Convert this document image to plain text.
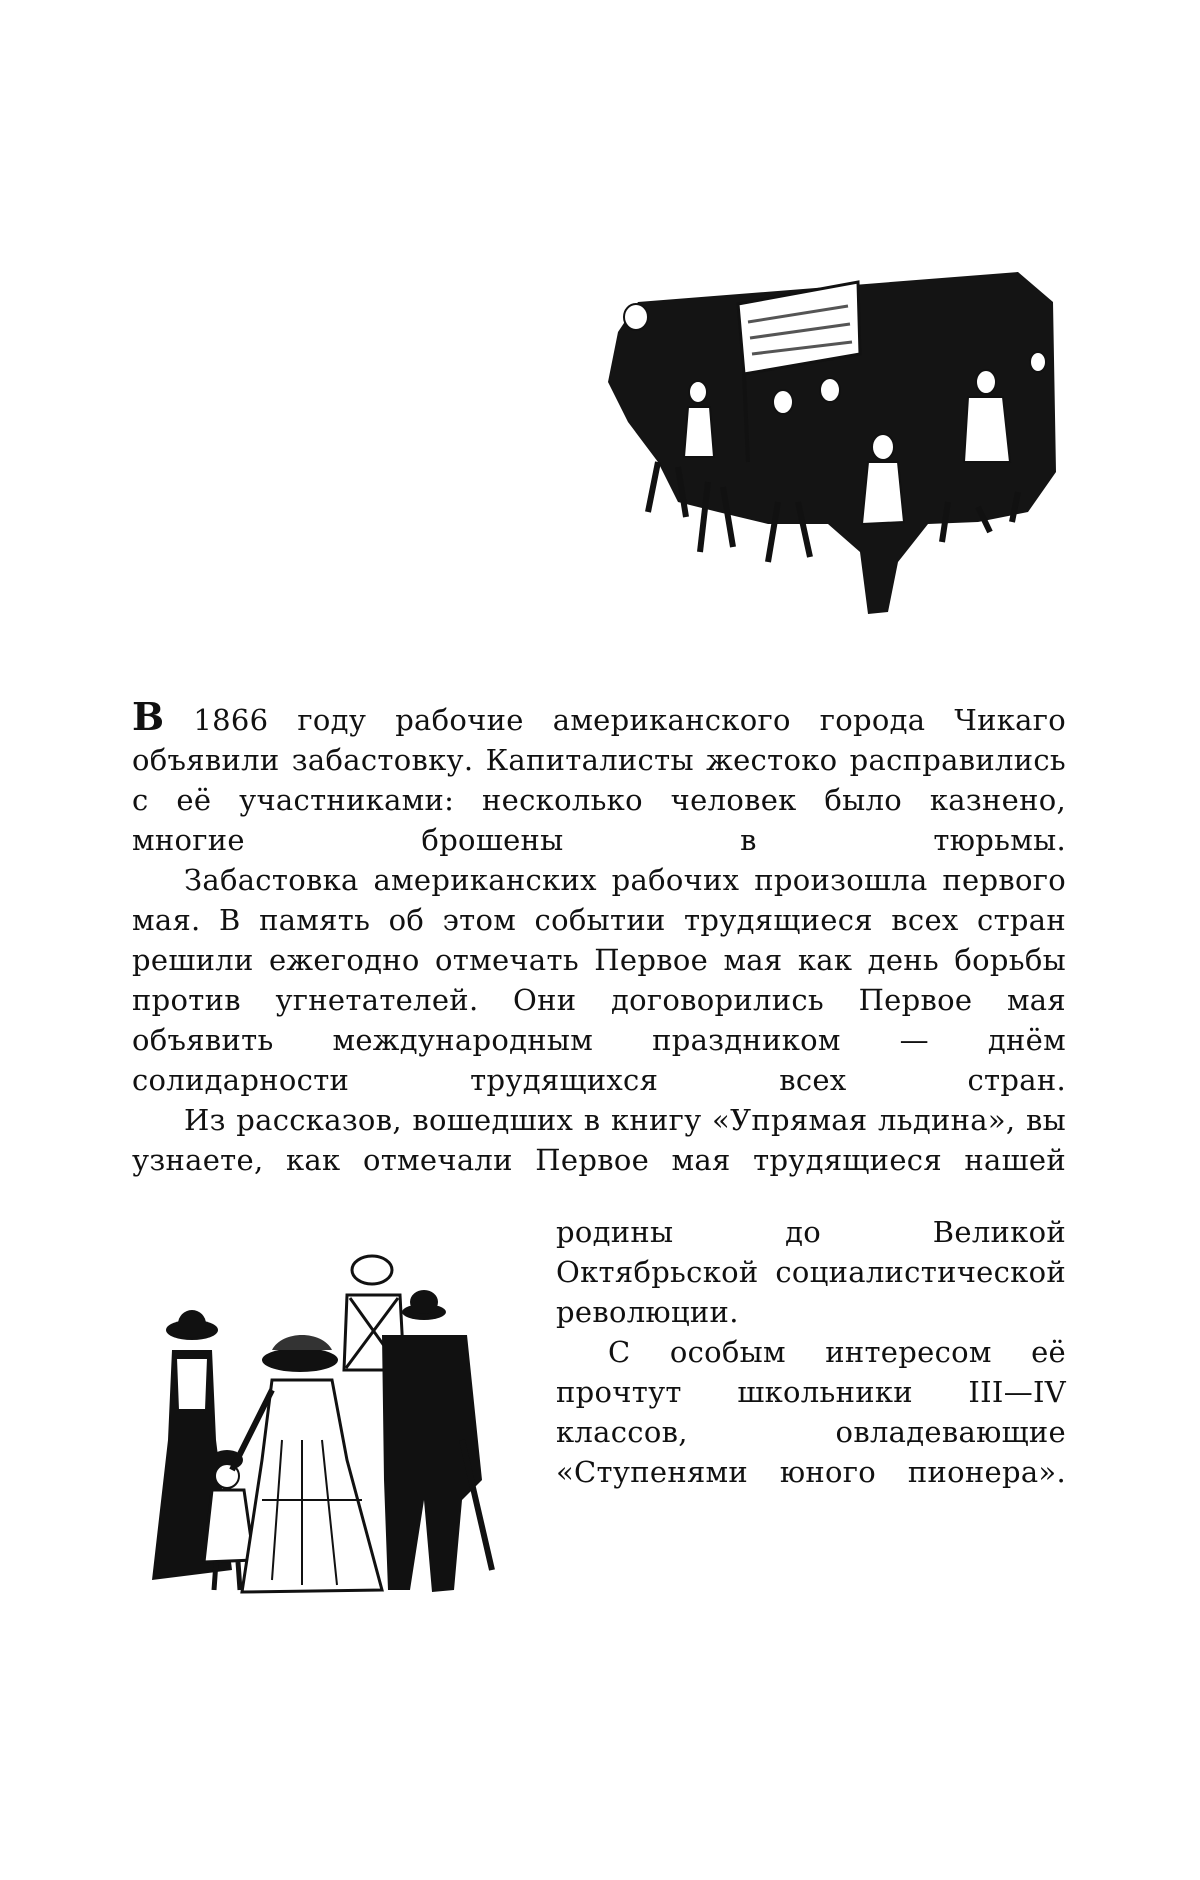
В 1866 году рабочие американского города Чикаго объявили забастовку. Капиталисты жестоко расправились с её участниками: несколько человек было казнено, многие брошены в тюрьмы.

Забастовка американских рабочих произошла первого мая. В память об этом событии трудящиеся всех стран решили ежегодно отмечать Первое мая как день борьбы против угнетателей. Они договорились Первое мая объявить международным праздником — днём солидарности трудящихся всех стран.

Из рассказов, вошедших в книгу «Упрямая льдина», вы узнаете, как отмечали Первое мая трудящиеся нашей

родины до Великой Октябрьской социалистической революции.

С особым интересом её прочтут школьники III—IV классов, овладевающие «Ступенями юного пионера».
